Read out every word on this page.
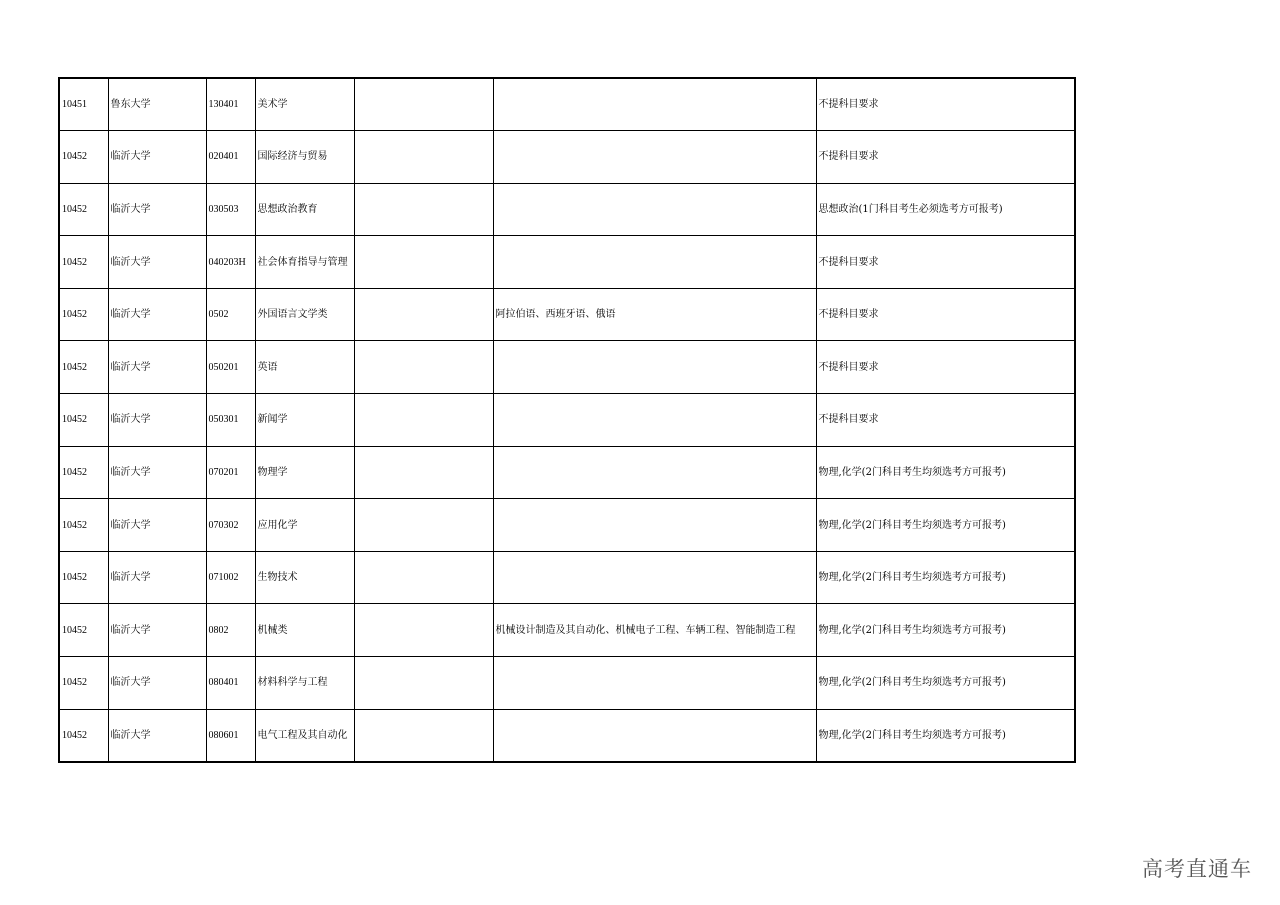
10451	鲁东大学	130401	美术学			不提科目要求
10452	临沂大学	020401	国际经济与贸易			不提科目要求
10452	临沂大学	030503	思想政治教育			思想政治(1门科目考生必须选考方可报考)
10452	临沂大学	040203H	社会体育指导与管理			不提科目要求
10452	临沂大学	0502	外国语言文学类		阿拉伯语、西班牙语、俄语	不提科目要求
10452	临沂大学	050201	英语			不提科目要求
10452	临沂大学	050301	新闻学			不提科目要求
10452	临沂大学	070201	物理学			物理,化学(2门科目考生均须选考方可报考)
10452	临沂大学	070302	应用化学			物理,化学(2门科目考生均须选考方可报考)
10452	临沂大学	071002	生物技术			物理,化学(2门科目考生均须选考方可报考)
10452	临沂大学	0802	机械类		机械设计制造及其自动化、机械电子工程、车辆工程、智能制造工程	物理,化学(2门科目考生均须选考方可报考)
10452	临沂大学	080401	材料科学与工程			物理,化学(2门科目考生均须选考方可报考)
10452	临沂大学	080601	电气工程及其自动化			物理,化学(2门科目考生均须选考方可报考)
高考直通车
